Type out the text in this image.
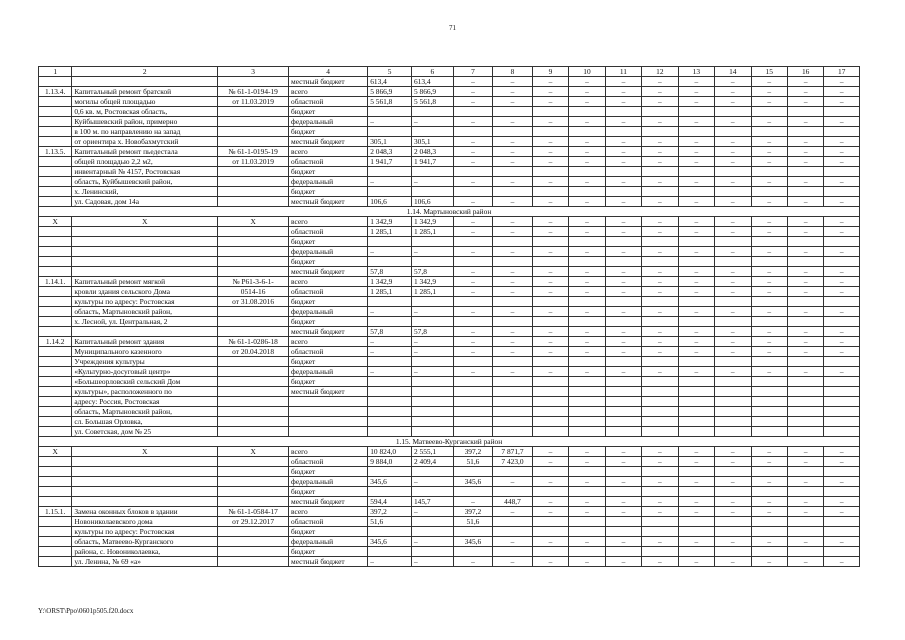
71
1	2	3	4	5	6	7	8	9	10	11	12	13	14	15	16	17
			местный бюджет	613,4	613,4	–	–	–	–	–	–	–	–	–	–	–
1.13.4.	Капитальный ремонт братской	№ 61-1-0194-19	всего	5 866,9	5 866,9	–	–	–	–	–	–	–	–	–	–	–
	могилы общей площадью	от 11.03.2019	областной	5 561,8	5 561,8	–	–	–	–	–	–	–	–	–	–	–
	0,6 кв. м, Ростовская область,		бюджет													
	Куйбышевский район, примерно		федеральный	–	–	–	–	–	–	–	–	–	–	–	–	–
	в 100 м. по направлению на запад		бюджет													
	от ориентира х. Новобахмутский		местный бюджет	305,1	305,1	–	–	–	–	–	–	–	–	–	–	–
1.13.5.	Капитальный ремонт пьедестала	№ 61-1-0195-19	всего	2 048,3	2 048,3	–	–	–	–	–	–	–	–	–	–	–
	общей площадью 2,2 м2,	от 11.03.2019	областной	1 941,7	1 941,7	–	–	–	–	–	–	–	–	–	–	–
	инвентарный № 4157, Ростовская		бюджет													
	область, Куйбышевский район,		федеральный	–	–	–	–	–	–	–	–	–	–	–	–	–
	х. Ленинский,		бюджет													
	ул. Садовая, дом 14а		местный бюджет	106,6	106,6	–	–	–	–	–	–	–	–	–	–	–
1.14. Мартыновский район																
X	X	X	всего	1 342,9	1 342,9	–	–	–	–	–	–	–	–	–	–	–
			областной	1 285,1	1 285,1	–	–	–	–	–	–	–	–	–	–	–
			бюджет													
			федеральный	–	–	–	–	–	–	–	–	–	–	–	–	–
			бюджет													
			местный бюджет	57,8	57,8	–	–	–	–	–	–	–	–	–	–	–
1.14.1.	Капитальный ремонт мягкой	№ Р61-3-6-1-	всего	1 342,9	1 342,9	–	–	–	–	–	–	–	–	–	–	–
	кровли здания сельского Дома	0514-16	областной	1 285,1	1 285,1	–	–	–	–	–	–	–	–	–	–	–
	культуры по адресу: Ростовская	от 31.08.2016	бюджет													
	область, Мартыновский район,		федеральный	–	–	–	–	–	–	–	–	–	–	–	–	–
	х. Лесной, ул. Центральная, 2		бюджет													
			местный бюджет	57,8	57,8	–	–	–	–	–	–	–	–	–	–	–
1.14.2	Капитальный ремонт здания	№ 61-1-0286-18	всего	–	–	–	–	–	–	–	–	–	–	–	–	–
	Муниципального казенного	от 20.04.2018	областной	–	–	–	–	–	–	–	–	–	–	–	–	–
	Учреждения культуры		бюджет													
	«Культурно-досуговый центр»		федеральный	–	–	–	–	–	–	–	–	–	–	–	–	–
	«Большеорловский сельский Дом		бюджет													
	культуры», расположенного по		местный бюджет													
	адресу: Россия, Ростовская															
	область, Мартыновский район,															
	сл. Большая Орловка,															
	ул. Советская, дом № 25															
1.15. Матвеево-Курганский район																
X	X	X	всего	10 824,0	2 555,1	397,2	7 871,7	–	–	–	–	–	–	–	–	–
			областной	9 884,0	2 409,4	51,6	7 423,0	–	–	–	–	–	–	–	–	–
			бюджет													
			федеральный	345,6	–	345,6	–	–	–	–	–	–	–	–	–	–
			бюджет													
			местный бюджет	594,4	145,7	–	448,7	–	–	–	–	–	–	–	–	–
1.15.1.	Замена оконных блоков в здании	№ 61-1-0584-17	всего	397,2	–	397,2	–	–	–	–	–	–	–	–	–	–
	Новониколаевского дома	от 29.12.2017	областной	51,6		51,6										
	культуры по адресу: Ростовская		бюджет													
	область, Матвеево-Курганского		федеральный	345,6	–	345,6	–	–	–	–	–	–	–	–	–	–
	района, с. Новониколаевка,		бюджет													
	ул. Ленина, № 69 «а»		местный бюджет	–	–	–	–	–	–	–	–	–	–	–	–	–
Y:\ORST\Ppo\0601p505.f20.docx
